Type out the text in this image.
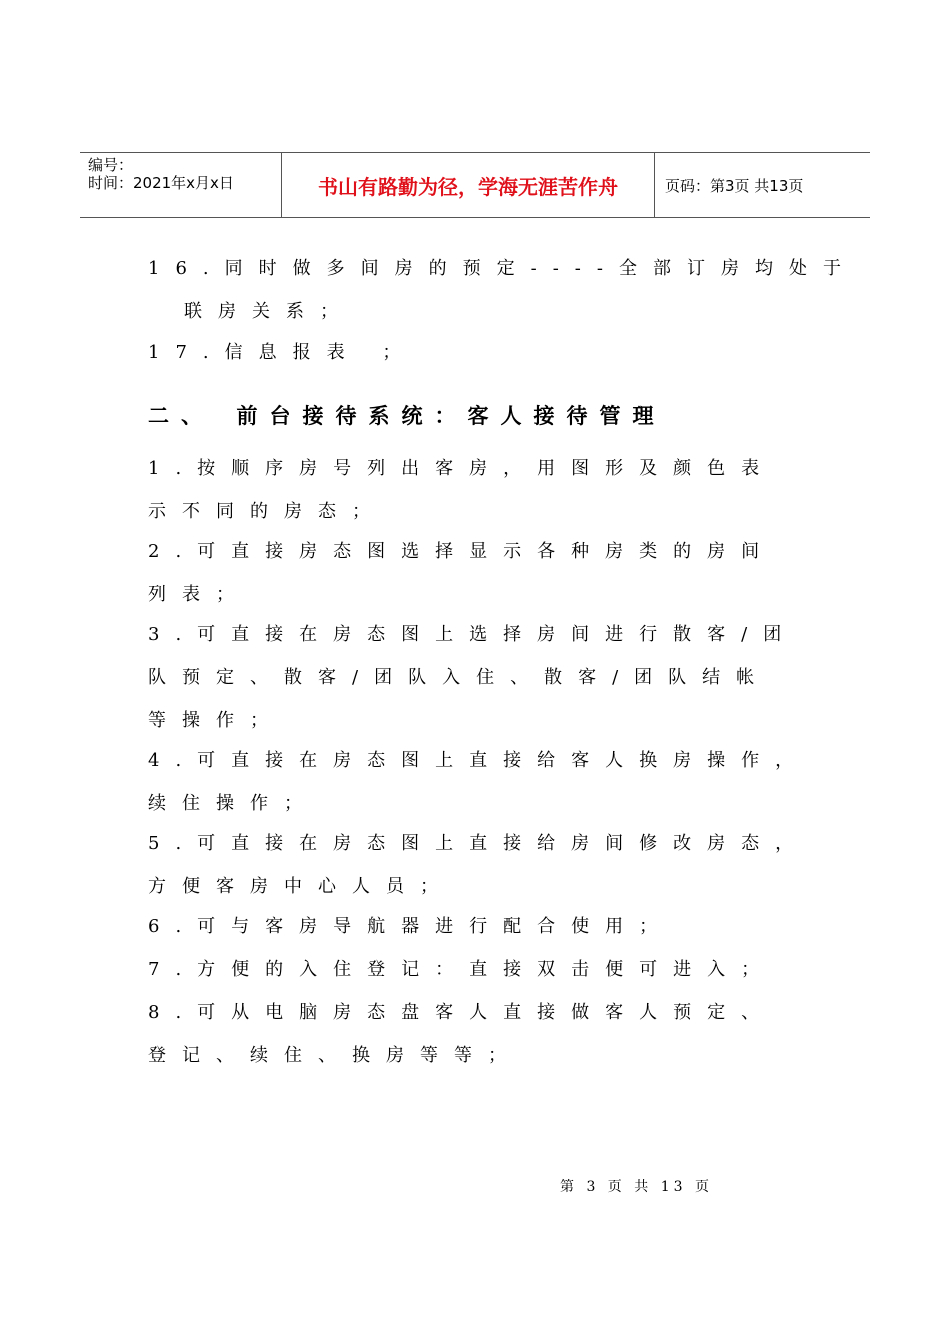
编号：
时间：2021年x月x日	书山有路勤为径，学海无涯苦作舟	页码：第3页 共13页
16.同时做多间房的预定----全部订房均处于
联房关系；
17.信息报表 ；
二、　前台接待系统：客人接待管理
1.按顺序房号列出客房，用图形及颜色表
示不同的房态；
2.可直接房态图选择显示各种房类的房间
列表；
3.可直接在房态图上选择房间进行散客/团
队预定、散客/团队入住、散客/团队结帐
等操作；
4.可直接在房态图上直接给客人换房操作，
续住操作；
5.可直接在房态图上直接给房间修改房态，
方便客房中心人员；
6.可与客房导航器进行配合使用；
7.方便的入住登记：直接双击便可进入；
8.可从电脑房态盘客人直接做客人预定、
登记、续住、换房等等；
第 3 页 共 13 页
